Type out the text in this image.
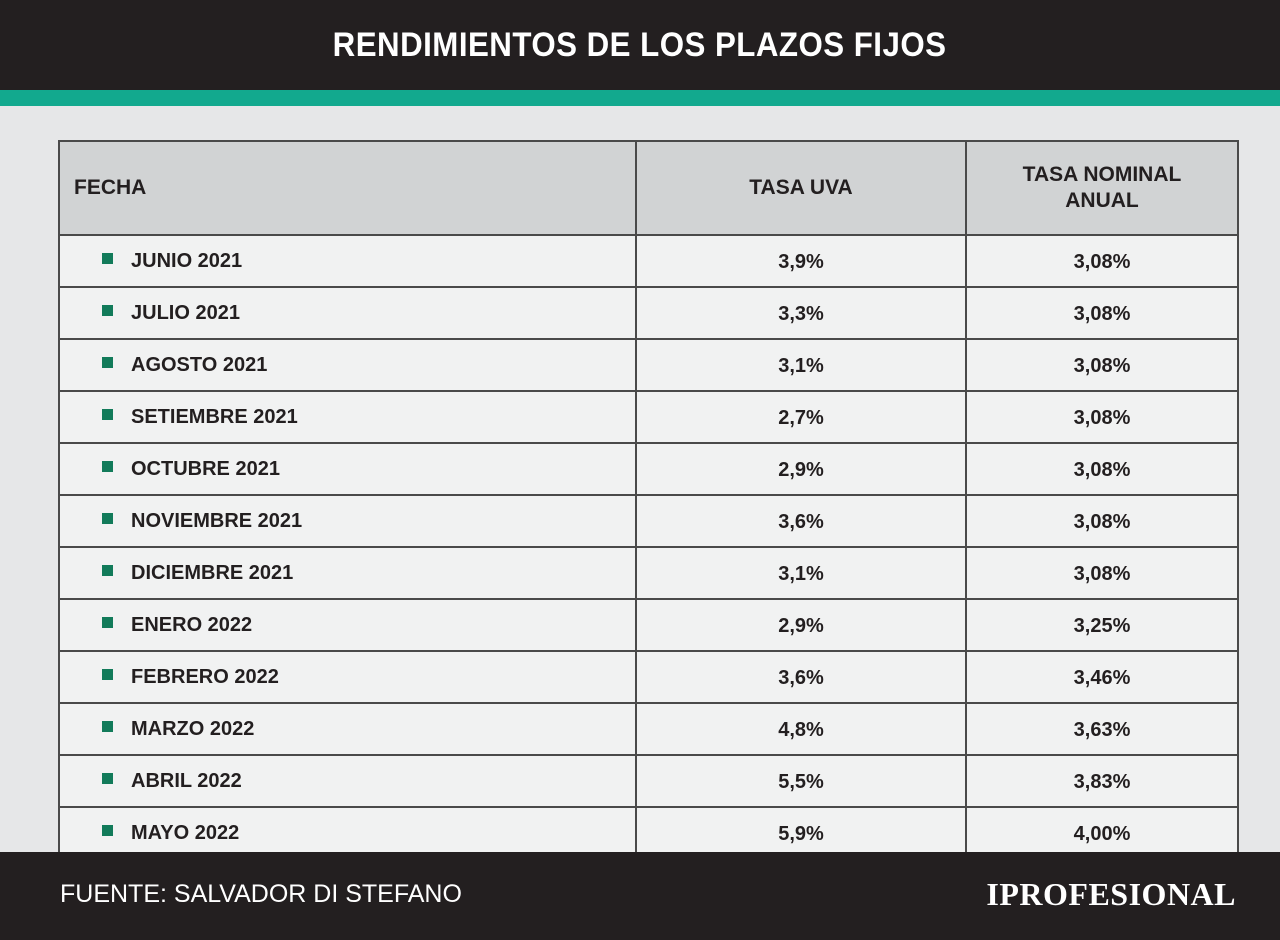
RENDIMIENTOS DE LOS PLAZOS FIJOS
FECHA	TASA UVA	TASA NOMINAL ANUAL
JUNIO 2021	3,9%	3,08%
JULIO 2021	3,3%	3,08%
AGOSTO 2021	3,1%	3,08%
SETIEMBRE 2021	2,7%	3,08%
OCTUBRE 2021	2,9%	3,08%
NOVIEMBRE 2021	3,6%	3,08%
DICIEMBRE 2021	3,1%	3,08%
ENERO 2022	2,9%	3,25%
FEBRERO 2022	3,6%	3,46%
MARZO 2022	4,8%	3,63%
ABRIL 2022	5,5%	3,83%
MAYO 2022	5,9%	4,00%
FUENTE: SALVADOR DI STEFANO	IPROFESIONAL
